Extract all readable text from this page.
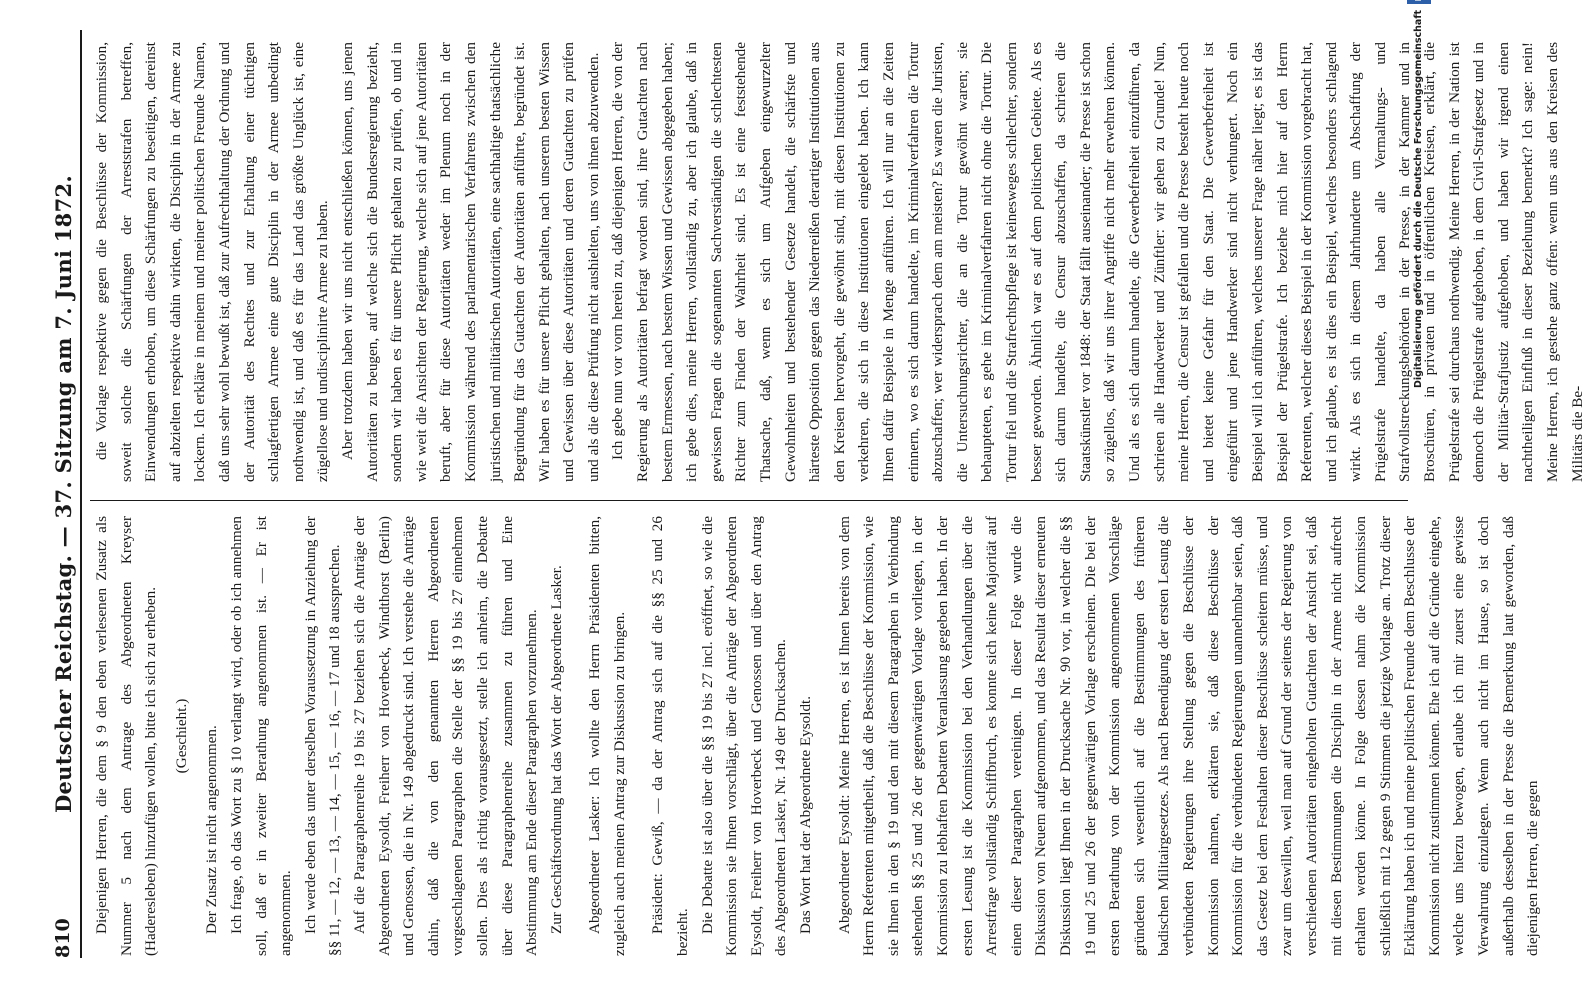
810
Deutscher Reichstag. — 37. Sitzung am 7. Juni 1872. Diejenigen Herren, die dem § 9 den eben verlesenen Zusatz als Nummer 5 nach dem Antrage des Abgeordneten Kreyser (Haderesleben) hinzufügen wollen, bitte ich sich zu erheben. (Geschieht.) Der Zusatz ist nicht angenommen. Ich frage, ob das Wort zu § 10 verlangt wird, oder ob ich annehmen soll, daß er in zweiter Berathung angenommen ist. — Er ist angenommen. Ich werde eben das unter derselben Voraussetzung in Anziehung der §§ 11, — 12, — 13, — 14, — 15, — 16, — 17 und 18 aussprechen. Auf die Paragraphenreihe 19 bis 27 beziehen sich die Anträge der Abgeordneten Eysoldt, Freiherr von Hoverbeck, Windthorst (Berlin) und Genossen, die in Nr. 149 abgedruckt sind. Ich verstehe die Anträge dahin, daß die von den genannten Herren Abgeordneten vorgeschlagenen Paragraphen die Stelle der §§ 19 bis 27 einnehmen sollen. Dies als richtig vorausgesetzt, stelle ich anheim, die Debatte über diese Paragraphenreihe zusammen zu führen und Eine Abstimmung am Ende dieser Paragraphen vorzunehmen. Zur Geschäftsordnung hat das Wort der Abgeordnete Lasker.	Abgeordneter Lasker: Ich wollte den Herrn Präsidenten bitten, zugleich auch meinen Antrag zur Diskussion zu bringen.	Präsident: Gewiß, — da der Antrag sich auf die §§ 25 und 26 bezieht. Die Debatte ist also über die §§ 19 bis 27 incl. eröffnet, so wie die Kommission sie Ihnen vorschlägt, über die Anträge der Abgeordneten Eysoldt, Freiherr von Hoverbeck und Genossen und über den Antrag des Abgeordneten Lasker, Nr. 149 der Drucksachen. Das Wort hat der Abgeordnete Eysoldt.	Abgeordneter Eysoldt: Meine Herren, es ist Ihnen bereits von dem Herrn Referenten mitgetheilt, daß die Beschlüsse der Kommission, wie sie Ihnen in den § 19 und den mit diesem Paragraphen in Verbindung stehenden §§ 25 und 26 der gegenwärtigen Vorlage vorliegen, in der Kommission zu lebhaften Debatten Veranlassung gegeben haben. In der ersten Lesung ist die Kommission bei den Verhandlungen über die Arrestfrage vollständig Schiffbruch, es konnte sich keine Majorität auf einen dieser Paragraphen vereinigen. In dieser Folge wurde die Diskussion von Neuem aufgenommen, und das Resultat dieser erneuten Diskussion liegt Ihnen in der Drucksache Nr. 90 vor, in welcher die §§ 19 und 25 und 26 der gegenwärtigen Vorlage erscheinen. Die bei der ersten Berathung von der Kommission angenommenen Vorschläge gründeten sich wesentlich auf die Bestimmungen des früheren badischen Militairgesetzes. Als nach Beendigung der ersten Lesung die verbündeten Regierungen ihre Stellung gegen die Beschlüsse der Kommission nahmen, erklärten sie, daß diese Beschlüsse der Kommission für die verbündeten Regierungen unannehmbar seien, daß das Gesetz bei dem Festhalten dieser Beschlüsse scheitern müsse, und zwar um deswillen, weil man auf Grund der seitens der Regierung von verschiedenen Autoritäten eingeholten Gutachten der Ansicht sei, daß mit diesen Bestimmungen die Disciplin in der Armee nicht aufrecht erhalten werden könne. In Folge dessen nahm die Kommission schließlich mit 12 gegen 9 Stimmen die jetzige Vorlage an. Trotz dieser Erklärung haben ich und meine politischen Freunde dem Beschlusse der Kommission nicht zustimmen können. Ehe ich auf die Gründe eingehe, welche uns hierzu bewogen, erlaube ich mir zuerst eine gewisse Verwahrung einzulegen. Wenn auch nicht im Hause, so ist doch außerhalb desselben in der Presse die Bemerkung laut geworden, daß diejenigen Herren, die gegen

die Vorlage respektive gegen die Beschlüsse der Kommission, soweit solche die Schärfungen der Arreststrafen betreffen, Einwendungen erhoben, um diese Schärfungen zu beseitigen, dereinst auf abzielten respektive dahin wirkten, die Disciplin in der Armee zu lockern. Ich erkläre in meinem und meiner politischen Freunde Namen, daß uns sehr wohl bewußt ist, daß zur Aufrechthaltung der Ordnung und der Autorität des Rechtes und zur Erhaltung einer tüchtigen schlagfertigen Armee eine gute Disciplin in der Armee unbedingt nothwendig ist, und daß es für das Land das größte Unglück ist, eine zügellose und undisciplinirte Armee zu haben. Aber trotzdem haben wir uns nicht entschließen können, uns jenen Autoritäten zu beugen, auf welche sich die Bundesregierung bezieht, sondern wir haben es für unsere Pflicht gehalten zu prüfen, ob und in wie weit die Ansichten der Regierung, welche sich auf jene Autoritäten beruft, aber für diese Autoritäten weder im Plenum noch in der Kommission während des parlamentarischen Verfahrens zwischen den juristischen und militärischen Autoritäten, eine sachhaltige thatsächliche Begründung für das Gutachten der Autoritäten anführte, begründet ist. Wir haben es für unsere Pflicht gehalten, nach unserem besten Wissen und Gewissen über diese Autoritäten und deren Gutachten zu prüfen und als die diese Prüfung nicht aushielten, uns von ihnen abzuwenden. Ich gebe nun vor vorn herein zu, daß diejenigen Herren, die von der Regierung als Autoritäten befragt worden sind, ihre Gutachten nach bestem Ermessen, nach bestem Wissen und Gewissen abgegeben haben; ich gebe dies, meine Herren, vollständig zu, aber ich glaube, daß in gewissen Fragen die sogenannten Sachverständigen die schlechtesten Richter zum Finden der Wahrheit sind. Es ist eine feststehende Thatsache, daß, wenn es sich um Aufgeben eingewurzelter Gewohnheiten und bestehender Gesetze handelt, die schärfste und härteste Opposition gegen das Niederreißen derartiger Institutionen aus den Kreisen hervorgeht, die gewöhnt sind, mit diesen Institutionen zu verkehren, die sich in diese Institutionen eingelebt haben. Ich kann Ihnen dafür Beispiele in Menge anführen. Ich will nur an die Zeiten erinnern, wo es sich darum handelte, im Kriminalverfahren die Tortur abzuschaffen; wer widersprach dem am meisten? Es waren die Juristen, die Untersuchungsrichter, die an die Tortur gewöhnt waren; sie behaupteten, es gehe im Kriminalverfahren nicht ohne die Tortur. Die Tortur fiel und die Strafrechtspflege ist keinesweges schlechter, sondern besser geworden. Ähnlich war es auf dem politischen Gebiete. Als es sich darum handelte, die Censur abzuschaffen, da schrieen die Staatskünstler vor 1848: der Staat fällt auseinander; die Presse ist schon so zügellos, daß wir uns ihrer Angriffe nicht mehr erwehren können. Und als es sich darum handelte, die Gewerbefreiheit einzuführen, da schrieen alle Handwerker und Zünftler: wir gehen zu Grunde! Nun, meine Herren, die Censur ist gefallen und die Presse besteht heute noch und bietet keine Gefahr für den Staat. Die Gewerbefreiheit ist eingeführt und jene Handwerker sind nicht verhungert. Noch ein Beispiel will ich anführen, welches unserer Frage näher liegt; es ist das Beispiel der Prügelstrafe. Ich beziehe mich hier auf den Herrn Referenten, welcher dieses Beispiel in der Kommission vorgebracht hat, und ich glaube, es ist dies ein Beispiel, welches besonders schlagend wirkt. Als es sich in diesem Jahrhunderte um Abschaffung der Prügelstrafe handelte, da haben alle Vermaltungs- und Strafvollstreckungsbehörden in der Presse, in der Kammer und in Broschüren, in privaten und in öffentlichen Kreisen, erklärt, die Prügelstrafe sei durchaus nothwendig. Meine Herren, in der Nation ist dennoch die Prügelstrafe aufgehoben, in dem Civil-Strafgesetz und in der Militär-Strafjustiz aufgehoben, und haben wir irgend einen nachtheiligen Einfluß in dieser Beziehung bemerkt? Ich sage: nein! Meine Herren, ich gestehe ganz offen: wenn uns aus den Kreisen des Militärs die Be-

Digitalisierung gefördert durch die Deutsche Forschungsgemeinschaft
